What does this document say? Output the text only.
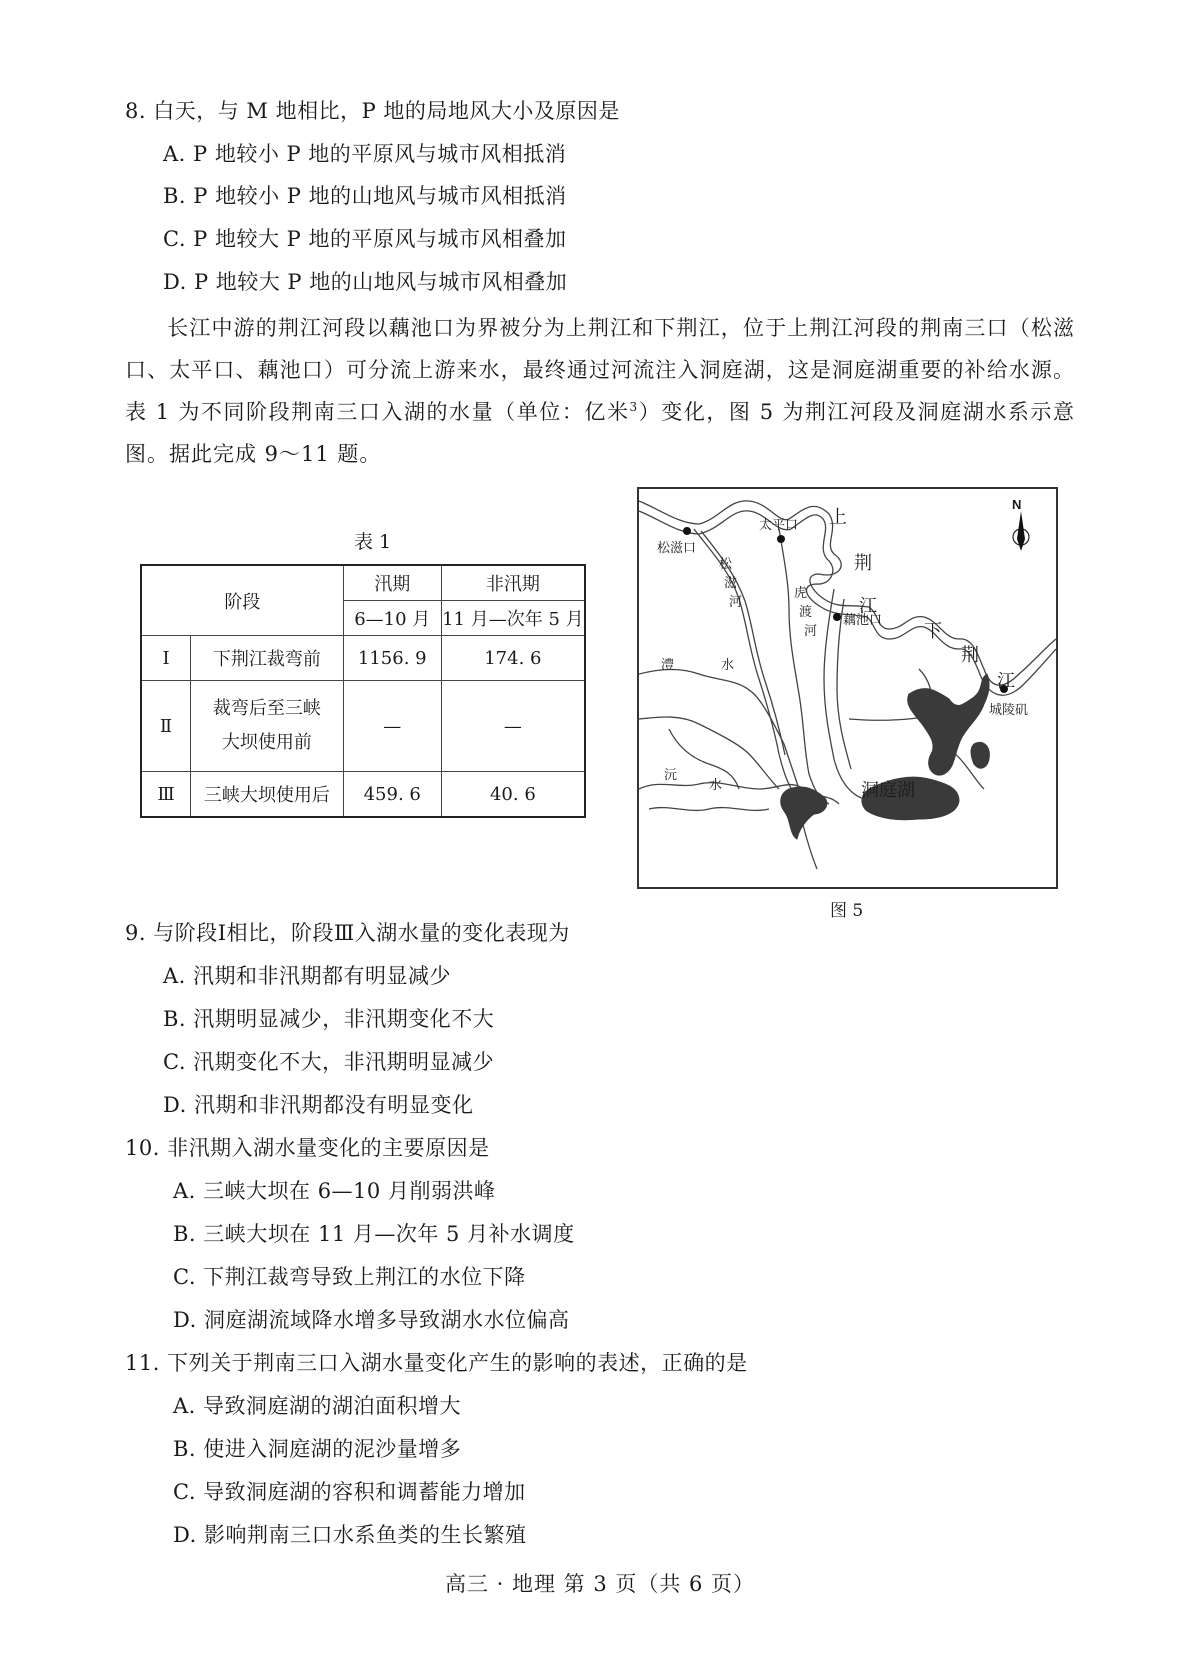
8. 白天，与 M 地相比，P 地的局地风大小及原因是
A. P 地较小 P 地的平原风与城市风相抵消
B. P 地较小 P 地的山地风与城市风相抵消
C. P 地较大 P 地的平原风与城市风相叠加
D. P 地较大 P 地的山地风与城市风相叠加
长江中游的荆江河段以藕池口为界被分为上荆江和下荆江，位于上荆江河段的荆南三口（松滋口、太平口、藕池口）可分流上游来水，最终通过河流注入洞庭湖，这是洞庭湖重要的补给水源。表 1 为不同阶段荆南三口入湖的水量（单位：亿米$^3$）变化，图 5 为荆江河段及洞庭湖水系示意图。据此完成 9～11 题。
表 1
阶段		汛期	非汛期
		6—10 月	11 月—次年 5 月
Ⅰ	下荆江裁弯前	1156. 9	174. 6
Ⅱ	裁弯后至三峡
大坝使用前	—	—
Ⅲ	三峡大坝使用后	459. 6	40. 6
N
松滋口
太平口
藕池口
城陵矶
上
荆
江
下
荆
江
松
滋
河
虎
渡
河
澧	水
沅
水	洞庭湖
图 5
9. 与阶段Ⅰ相比，阶段Ⅲ入湖水量的变化表现为
A. 汛期和非汛期都有明显减少
B. 汛期明显减少，非汛期变化不大
C. 汛期变化不大，非汛期明显减少
D. 汛期和非汛期都没有明显变化
10. 非汛期入湖水量变化的主要原因是
A. 三峡大坝在 6—10 月削弱洪峰
B. 三峡大坝在 11 月—次年 5 月补水调度
C. 下荆江裁弯导致上荆江的水位下降
D. 洞庭湖流域降水增多导致湖水水位偏高
11. 下列关于荆南三口入湖水量变化产生的影响的表述，正确的是
A. 导致洞庭湖的湖泊面积增大
B. 使进入洞庭湖的泥沙量增多
C. 导致洞庭湖的容积和调蓄能力增加
D. 影响荆南三口水系鱼类的生长繁殖
高三 · 地理 第 3 页（共 6 页）
